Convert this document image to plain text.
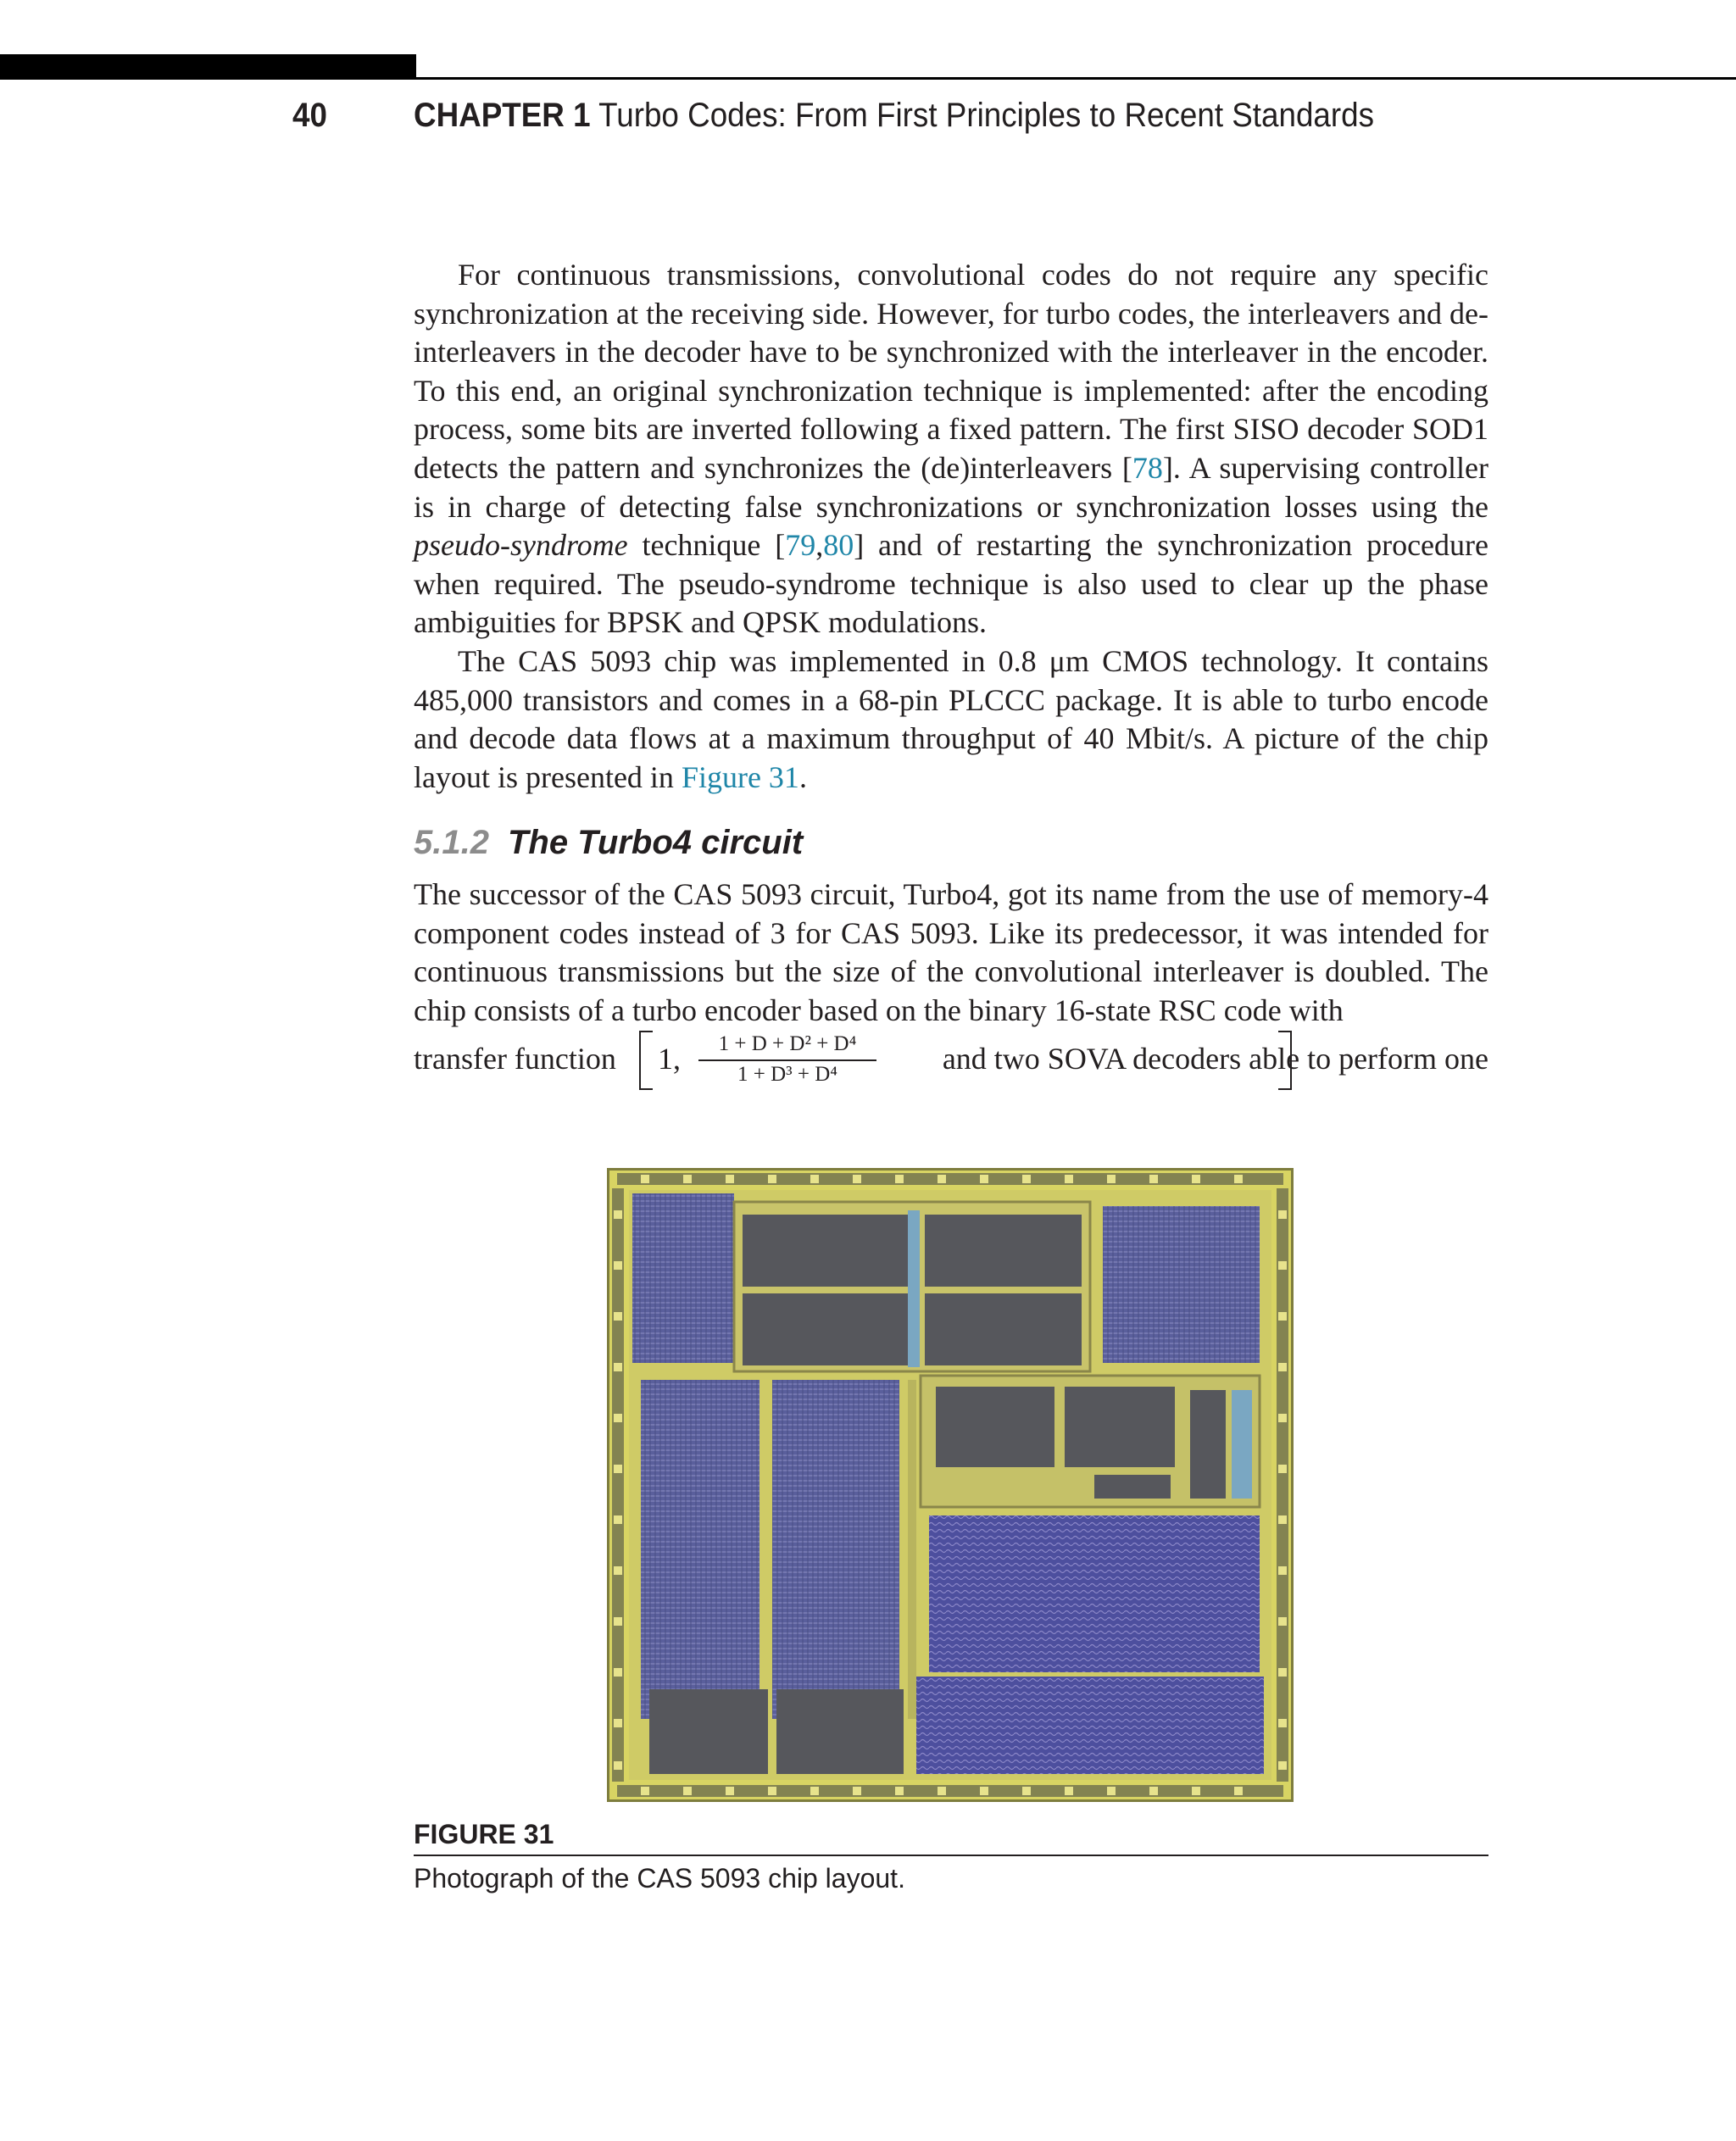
40	CHAPTER 1 Turbo Codes: From First Principles to Recent Standards

For continuous transmissions, convolutional codes do not require any specific synchronization at the receiving side. However, for turbo codes, the interleavers and de-interleavers in the decoder have to be synchronized with the interleaver in the encoder. To this end, an original synchronization technique is implemented: after the encoding process, some bits are inverted following a fixed pattern. The first SISO decoder SOD1 detects the pattern and synchronizes the (de)interleavers [78]. A supervising controller is in charge of detecting false synchronizations or synchronization losses using the pseudo-syndrome technique [79,80] and of restarting the synchronization procedure when required. The pseudo-syndrome technique is also used to clear up the phase ambiguities for BPSK and QPSK modulations.

The CAS 5093 chip was implemented in 0.8 μm CMOS technology. It contains 485,000 transistors and comes in a 68-pin PLCCC package. It is able to turbo encode and decode data flows at a maximum throughput of 40 Mbit/s. A picture of the chip layout is presented in Figure 31.

5.1.2 The Turbo4 circuit

The successor of the CAS 5093 circuit, Turbo4, got its name from the use of memory-4 component codes instead of 3 for CAS 5093. Like its predecessor, it was intended for continuous transmissions but the size of the convolutional interleaver is doubled. The chip consists of a turbo encoder based on the binary 16-state RSC code with

transfer function 1,	1 + D + D² + D⁴
1 + D³ + D⁴	and two SOVA decoders able to perform one
FIGURE 31
Photograph of the CAS 5093 chip layout.
